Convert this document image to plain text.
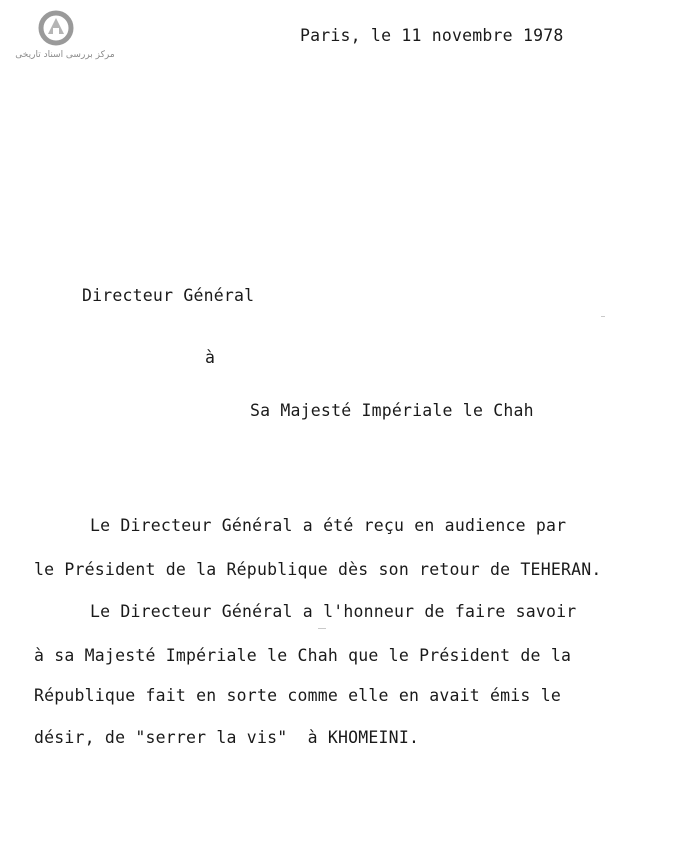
مرکز بررسی اسناد تاریخی
Paris, le 11 novembre 1978
Directeur Général
à
Sa Majesté Impériale le Chah
Le Directeur Général a été reçu en audience par
le Président de la République dès son retour de TEHERAN.
Le Directeur Général a l'honneur de faire savoir
à sa Majesté Impériale le Chah que le Président de la
République fait en sorte comme elle en avait émis le
désir, de "serrer la vis"  à KHOMEINI.
